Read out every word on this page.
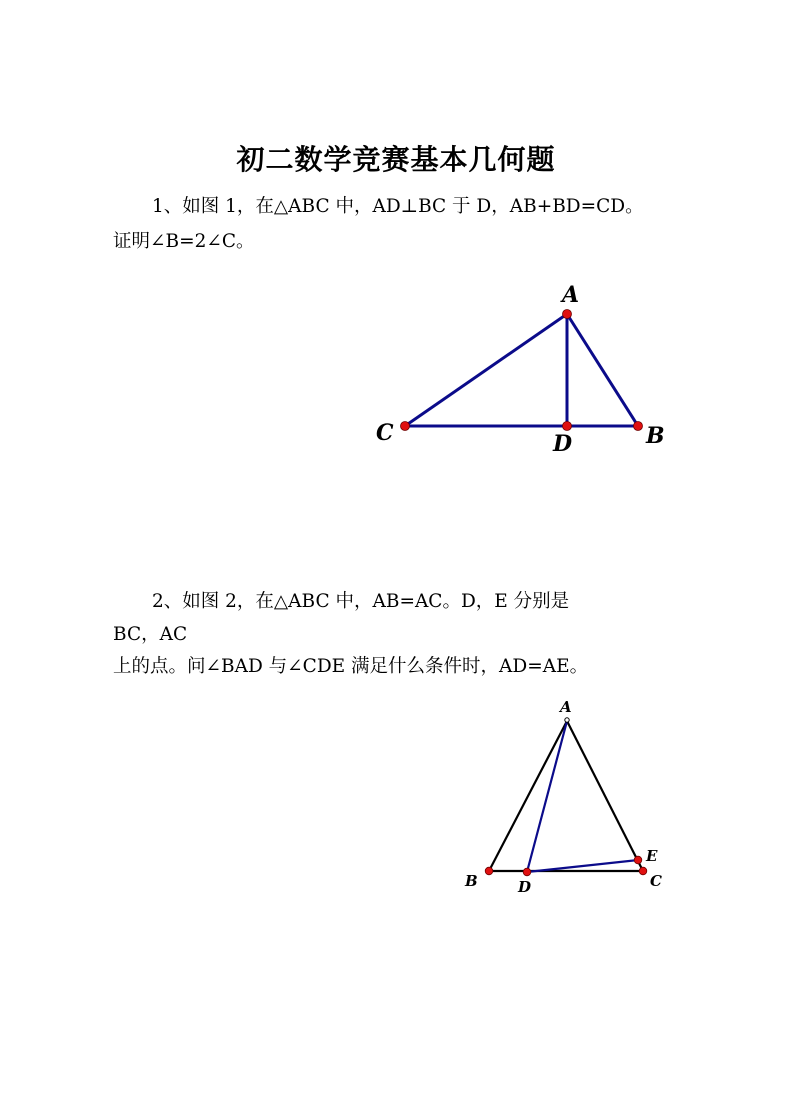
初二数学竞赛基本几何题
1、如图 1，在△ABC 中，AD⊥BC 于 D，AB+BD=CD。
证明∠B=2∠C。
A
C	D	B
2、如图 2，在△ABC 中，AB=AC。D，E 分别是
BC，AC
上的点。问∠BAD 与∠CDE 满足什么条件时，AD=AE。
A
B	D
E
C
